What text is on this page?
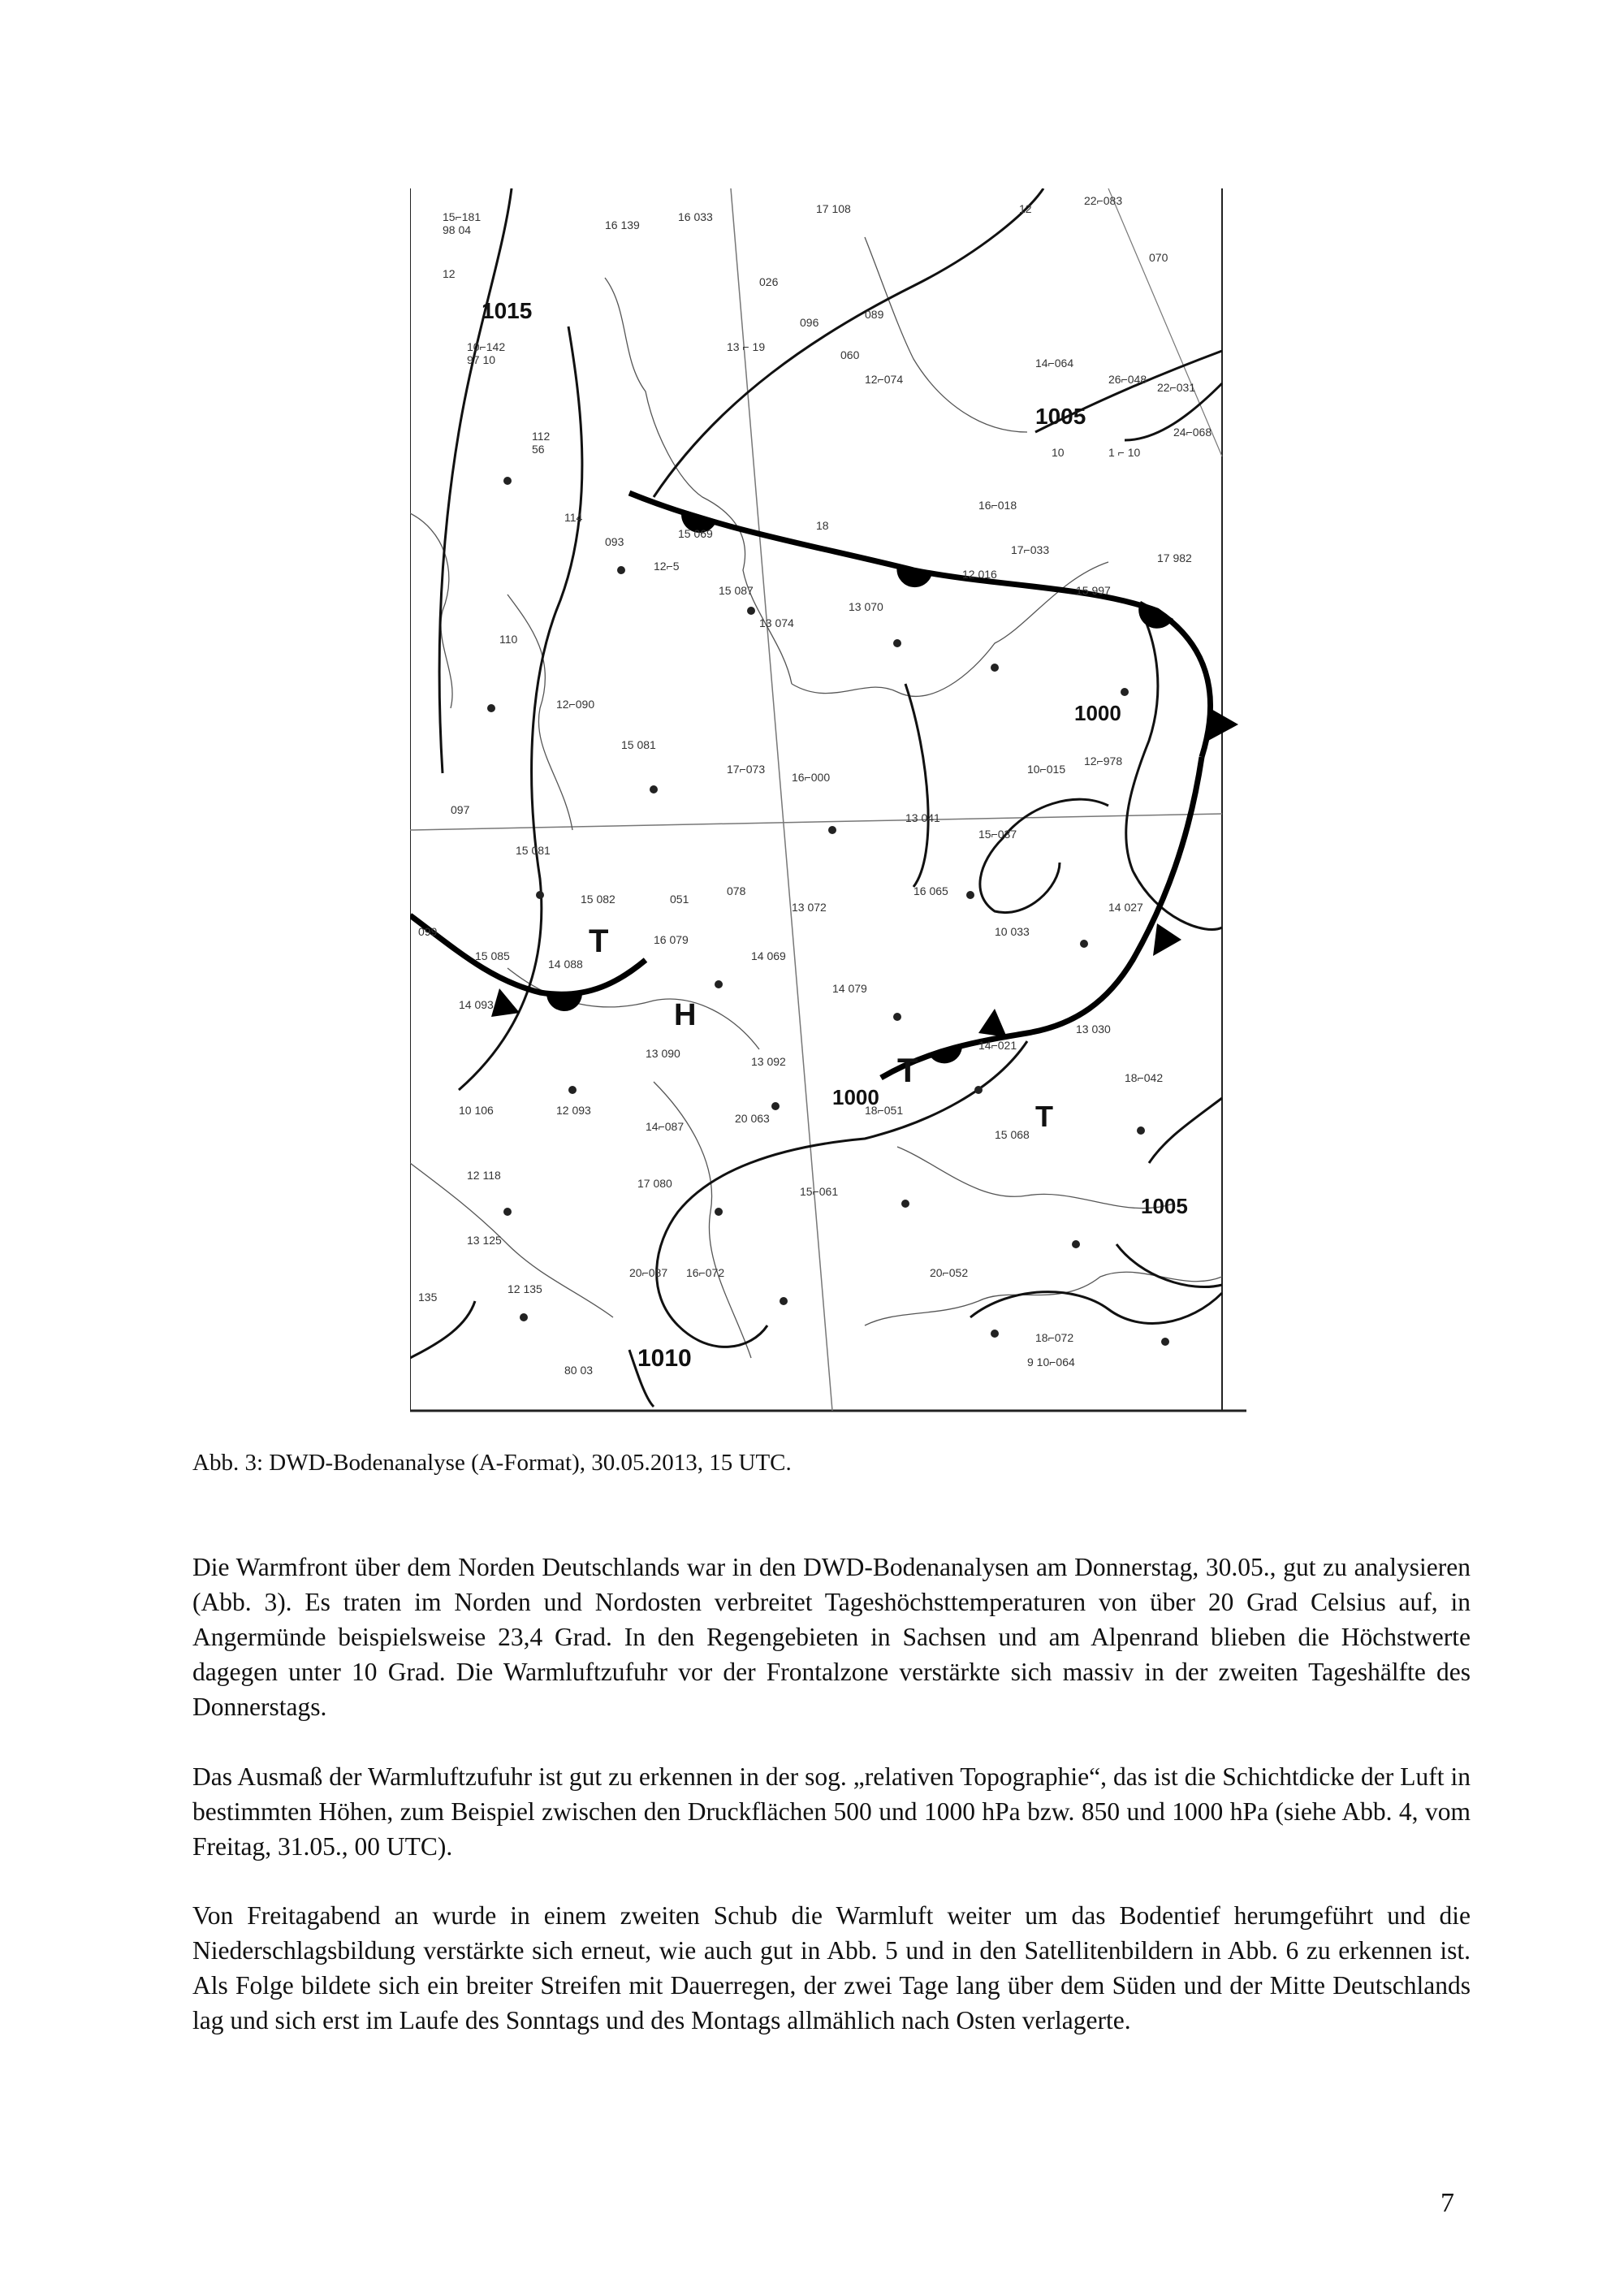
15⌐181
98 04
12
10⌐142
97 10
16 139
16 033
17 108	12
22⌐083
070
026
096
089
13 ⌐ 19
060
12⌐074
14⌐064
26⌐048
22⌐031
10	1 ⌐ 10
24⌐068
112
56
114
093
12⌐5
15 069
15 087
13 074
18
16⌐018
17⌐033
17 982
13 070
12 016
15 997
110
12⌐090
15 081
17⌐073
16⌐000
13 041
15⌐037
10⌐015
12⌐978
097
15 081
15 082	051
078
13 072
16 065
10 033
14 027
099
15 085
14 088
16 079
14 069
14 079
14 093
13 090
13 092
14⌐021
13 030
18⌐042
10 106	12 093
14⌐087
20 063
18⌐051
15 068
12 118
17 080
15⌐061
13 125
20⌐087 16⌐072
135
12 135
20⌐052
18⌐072
9 10⌐064
80 03
1015
1005
1000
1000
1005
1010
T
H
T
T
Abb. 3: DWD-Bodenanalyse (A-Format), 30.05.2013, 15 UTC.

Die Warmfront über dem Norden Deutschlands war in den DWD-Bodenanalysen am Donnerstag, 30.05., gut zu analysieren (Abb. 3). Es traten im Norden und Nordosten verbreitet Tageshöchsttemperaturen von über 20 Grad Celsius auf, in Angermünde beispielsweise 23,4 Grad. In den Regengebieten in Sachsen und am Alpenrand blieben die Höchstwerte dagegen unter 10 Grad. Die Warmluftzufuhr vor der Frontalzone verstärkte sich massiv in der zweiten Tageshälfte des Donnerstags.

Das Ausmaß der Warmluftzufuhr ist gut zu erkennen in der sog. „relativen Topographie“, das ist die Schichtdicke der Luft in bestimmten Höhen, zum Beispiel zwischen den Druckflächen 500 und 1000 hPa bzw. 850 und 1000 hPa (siehe Abb. 4, vom Freitag, 31.05., 00 UTC).

Von Freitagabend an wurde in einem zweiten Schub die Warmluft weiter um das Bodentief herumgeführt und die Niederschlagsbildung verstärkte sich erneut, wie auch gut in Abb. 5 und in den Satellitenbildern in Abb. 6 zu erkennen ist. Als Folge bildete sich ein breiter Streifen mit Dauerregen, der zwei Tage lang über dem Süden und der Mitte Deutschlands lag und sich erst im Laufe des Sonntags und des Montags allmählich nach Osten verlagerte.

7
